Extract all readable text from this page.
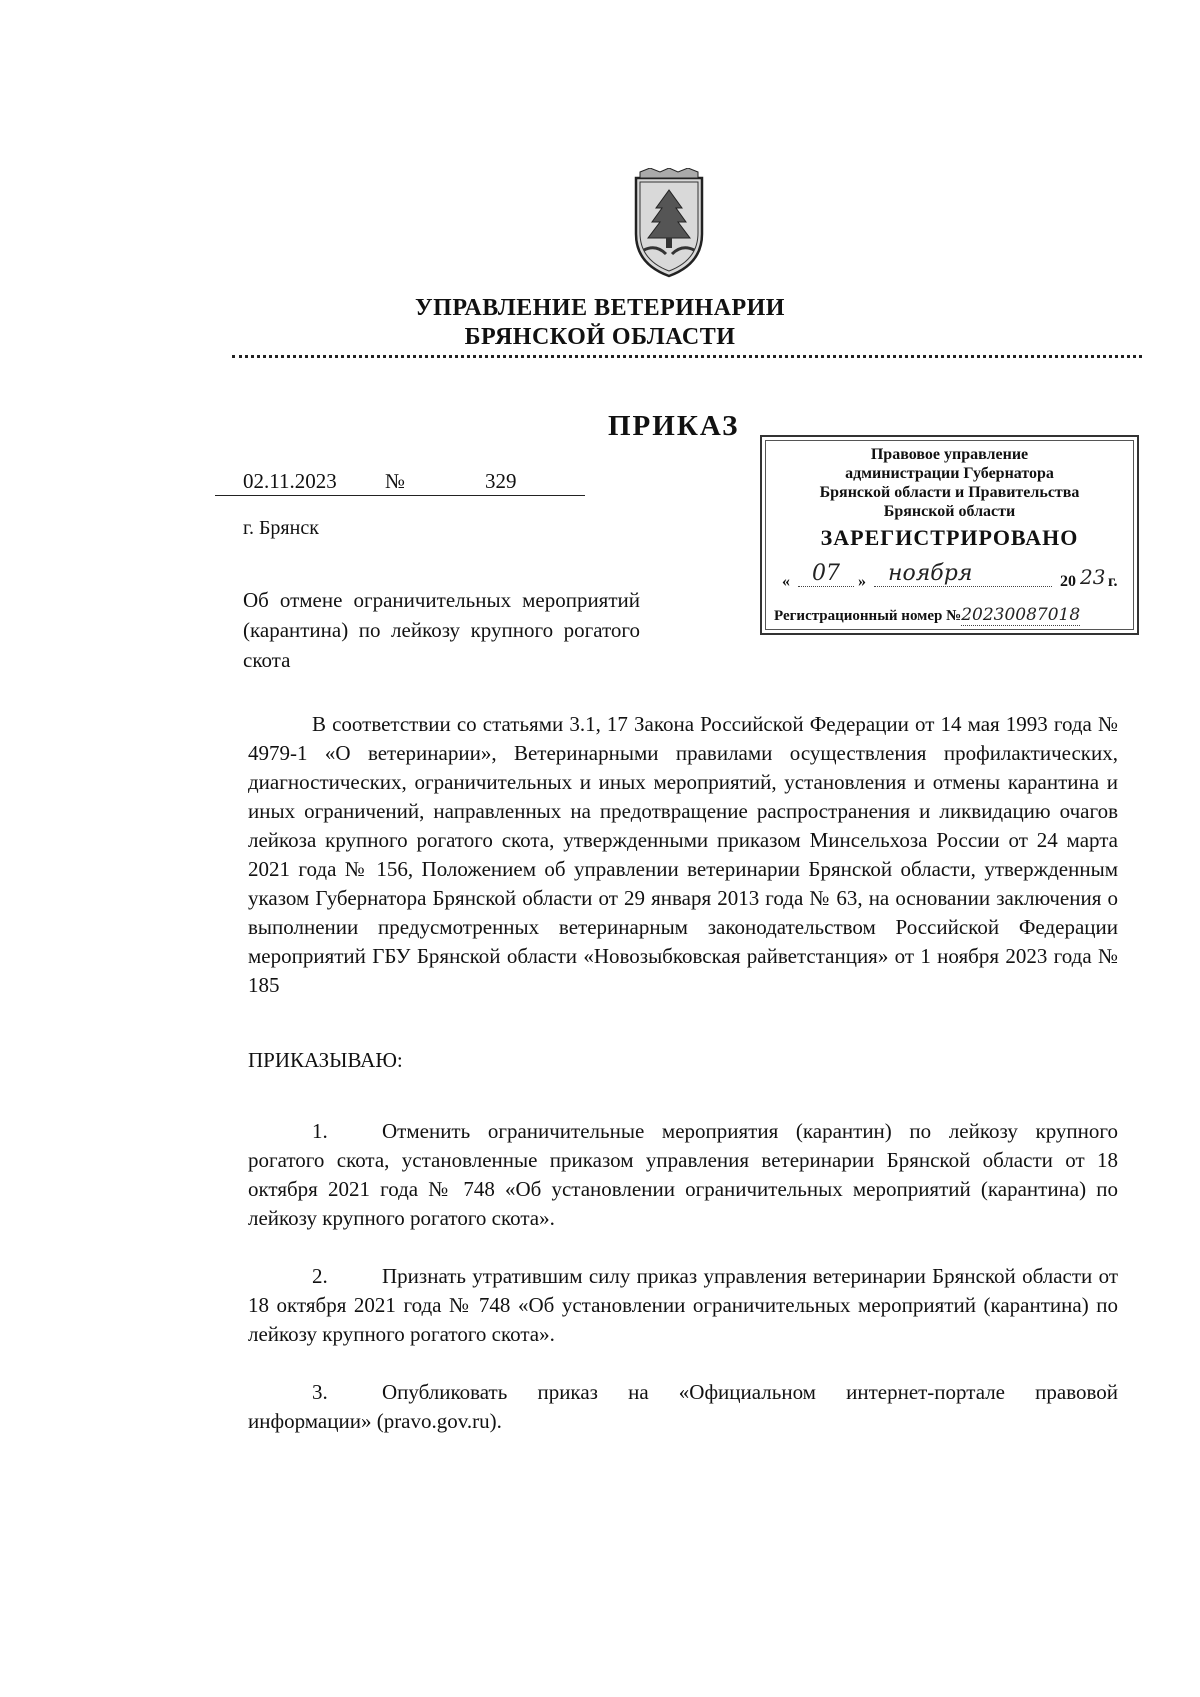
УПРАВЛЕНИЕ ВЕТЕРИНАРИИ
БРЯНСКОЙ ОБЛАСТИ
ПРИКАЗ
02.11.2023 №	329
г. Брянск
Об отмене ограничительных мероприятий (карантина) по лейкозу крупного рогатого скота
Правовое управление
администрации Губернатора
Брянской области и Правительства
Брянской области
ЗАРЕГИСТРИРОВАНО
«	07	»	ноября	20 23 г.
Регистрационный номер №20230087018
В соответствии со статьями 3.1, 17 Закона Российской Федерации от 14 мая 1993 года № 4979-1 «О ветеринарии», Ветеринарными правилами осуществления профилактических, диагностических, ограничительных и иных мероприятий, установления и отмены карантина и иных ограничений, направленных на предотвращение распространения и ликвидацию очагов лейкоза крупного рогатого скота, утвержденными приказом Минсельхоза России от 24 марта 2021 года № 156, Положением об управлении ветеринарии Брянской области, утвержденным указом Губернатора Брянской области от 29 января 2013 года № 63, на основании заключения о выполнении предусмотренных ветеринарным законодательством Российской Федерации мероприятий ГБУ Брянской области «Новозыбковская райветстанция» от 1 ноября 2023 года № 185
ПРИКАЗЫВАЮ:
1.	Отменить ограничительные мероприятия (карантин) по лейкозу крупного рогатого скота, установленные приказом управления ветеринарии Брянской области от 18 октября 2021 года № 748 «Об установлении ограничительных мероприятий (карантина) по лейкозу крупного рогатого скота».
2.	Признать утратившим силу приказ управления ветеринарии Брянской области от 18 октября 2021 года № 748 «Об установлении ограничительных мероприятий (карантина) по лейкозу крупного рогатого скота».
3.	Опубликовать приказ на «Официальном интернет-портале правовой информации» (pravo.gov.ru).
